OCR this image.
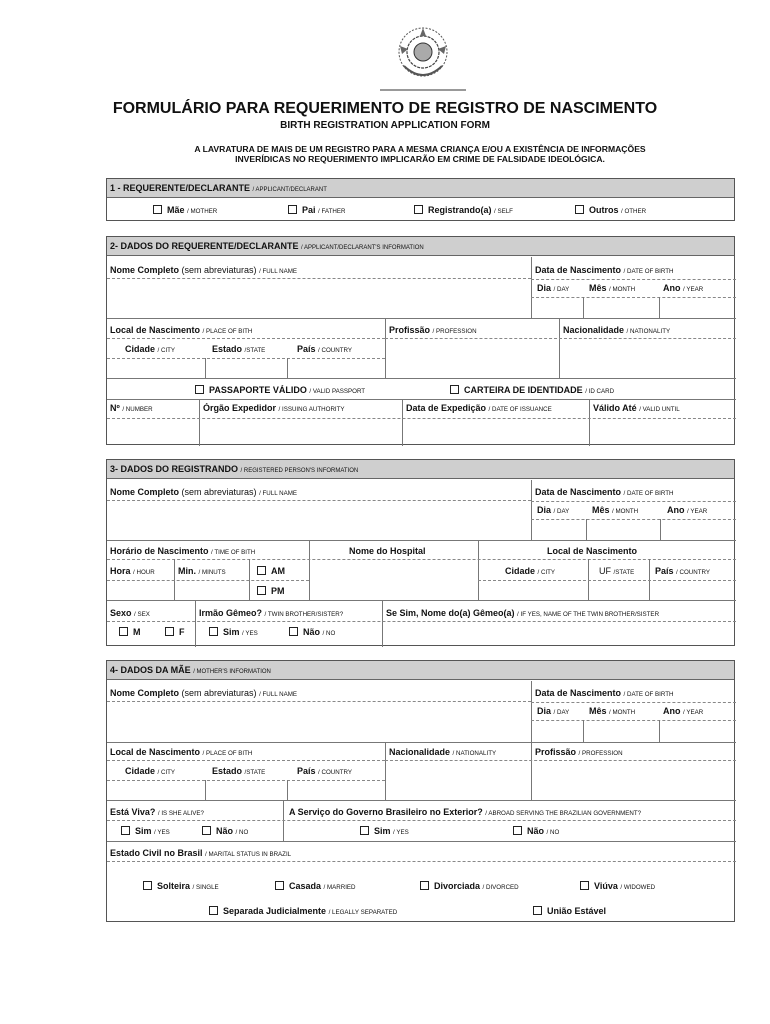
FORMULÁRIO PARA REQUERIMENTO DE REGISTRO DE NASCIMENTO
BIRTH REGISTRATION APPLICATION FORM
A LAVRATURA DE MAIS DE UM REGISTRO PARA A MESMA CRIANÇA E/OU A EXISTÊNCIA DE INFORMAÇÕES
INVERÍDICAS NO REQUERIMENTO IMPLICARÃO EM CRIME DE FALSIDADE IDEOLÓGICA.
1 - REQUERENTE/DECLARANTE / APPLICANT/DECLARANT
Mãe / MOTHER	Pai / FATHER	Registrando(a) / SELF	Outros / OTHER
2- DADOS DO REQUERENTE/DECLARANTE / APPLICANT/DECLARANT'S INFORMATION
Nome Completo (sem abreviaturas) / FULL NAME	Data de Nascimento / DATE OF BIRTH
Dia / DAY Mês / MONTH	Ano / YEAR
Local de Nascimento / PLACE OF BITH
Cidade / CITY	Estado /STATE	País / COUNTRY
Profissão / PROFESSION	Nacionalidade / NATIONALITY
PASSAPORTE VÁLIDO / VALID PASSPORT	CARTEIRA DE IDENTIDADE / ID CARD
Nº / NUMBER	Órgão Expedidor / ISSUING AUTHORITY	Data de Expedição / DATE OF ISSUANCE	Válido Até / VALID UNTIL
3- DADOS DO REGISTRANDO / REGISTERED PERSON'S INFORMATION
Nome Completo (sem abreviaturas) / FULL NAME	Data de Nascimento / DATE OF BIRTH
Dia / DAY	Mês / MONTH	Ano / YEAR
Horário de Nascimento / TIME OF BITH	Nome do Hospital	Local de Nascimento
Hora / HOUR	Min. / MINUTS	AM
PM
Cidade / CITY	UF /STATE País / COUNTRY
Sexo / SEX
M	F
Irmão Gêmeo? / TWIN BROTHER/SISTER?
Sim / YES	Não / NO
Se Sim, Nome do(a) Gêmeo(a) / IF YES, NAME OF THE TWIN BROTHER/SISTER
4- DADOS DA MÃE / MOTHER'S INFORMATION
Nome Completo (sem abreviaturas) / FULL NAME	Data de Nascimento / DATE OF BIRTH
Dia / DAY Mês / MONTH	Ano / YEAR
Local de Nascimento / PLACE OF BITH
Cidade / CITY	Estado /STATE	País / COUNTRY
Nacionalidade / NATIONALITY	Profissão / PROFESSION
Está Viva? / IS SHE ALIVE?
Sim / YES	Não / NO
A Serviço do Governo Brasileiro no Exterior? / ABROAD SERVING THE BRAZILIAN GOVERNMENT?
Sim / YES	Não / NO
Estado Civil no Brasil / MARITAL STATUS IN BRAZIL
Solteira / SINGLE	Casada / MARRIED	Divorciada / DIVORCED	Viúva / WIDOWED
Separada Judicialmente / LEGALLY SEPARATED	União Estável
